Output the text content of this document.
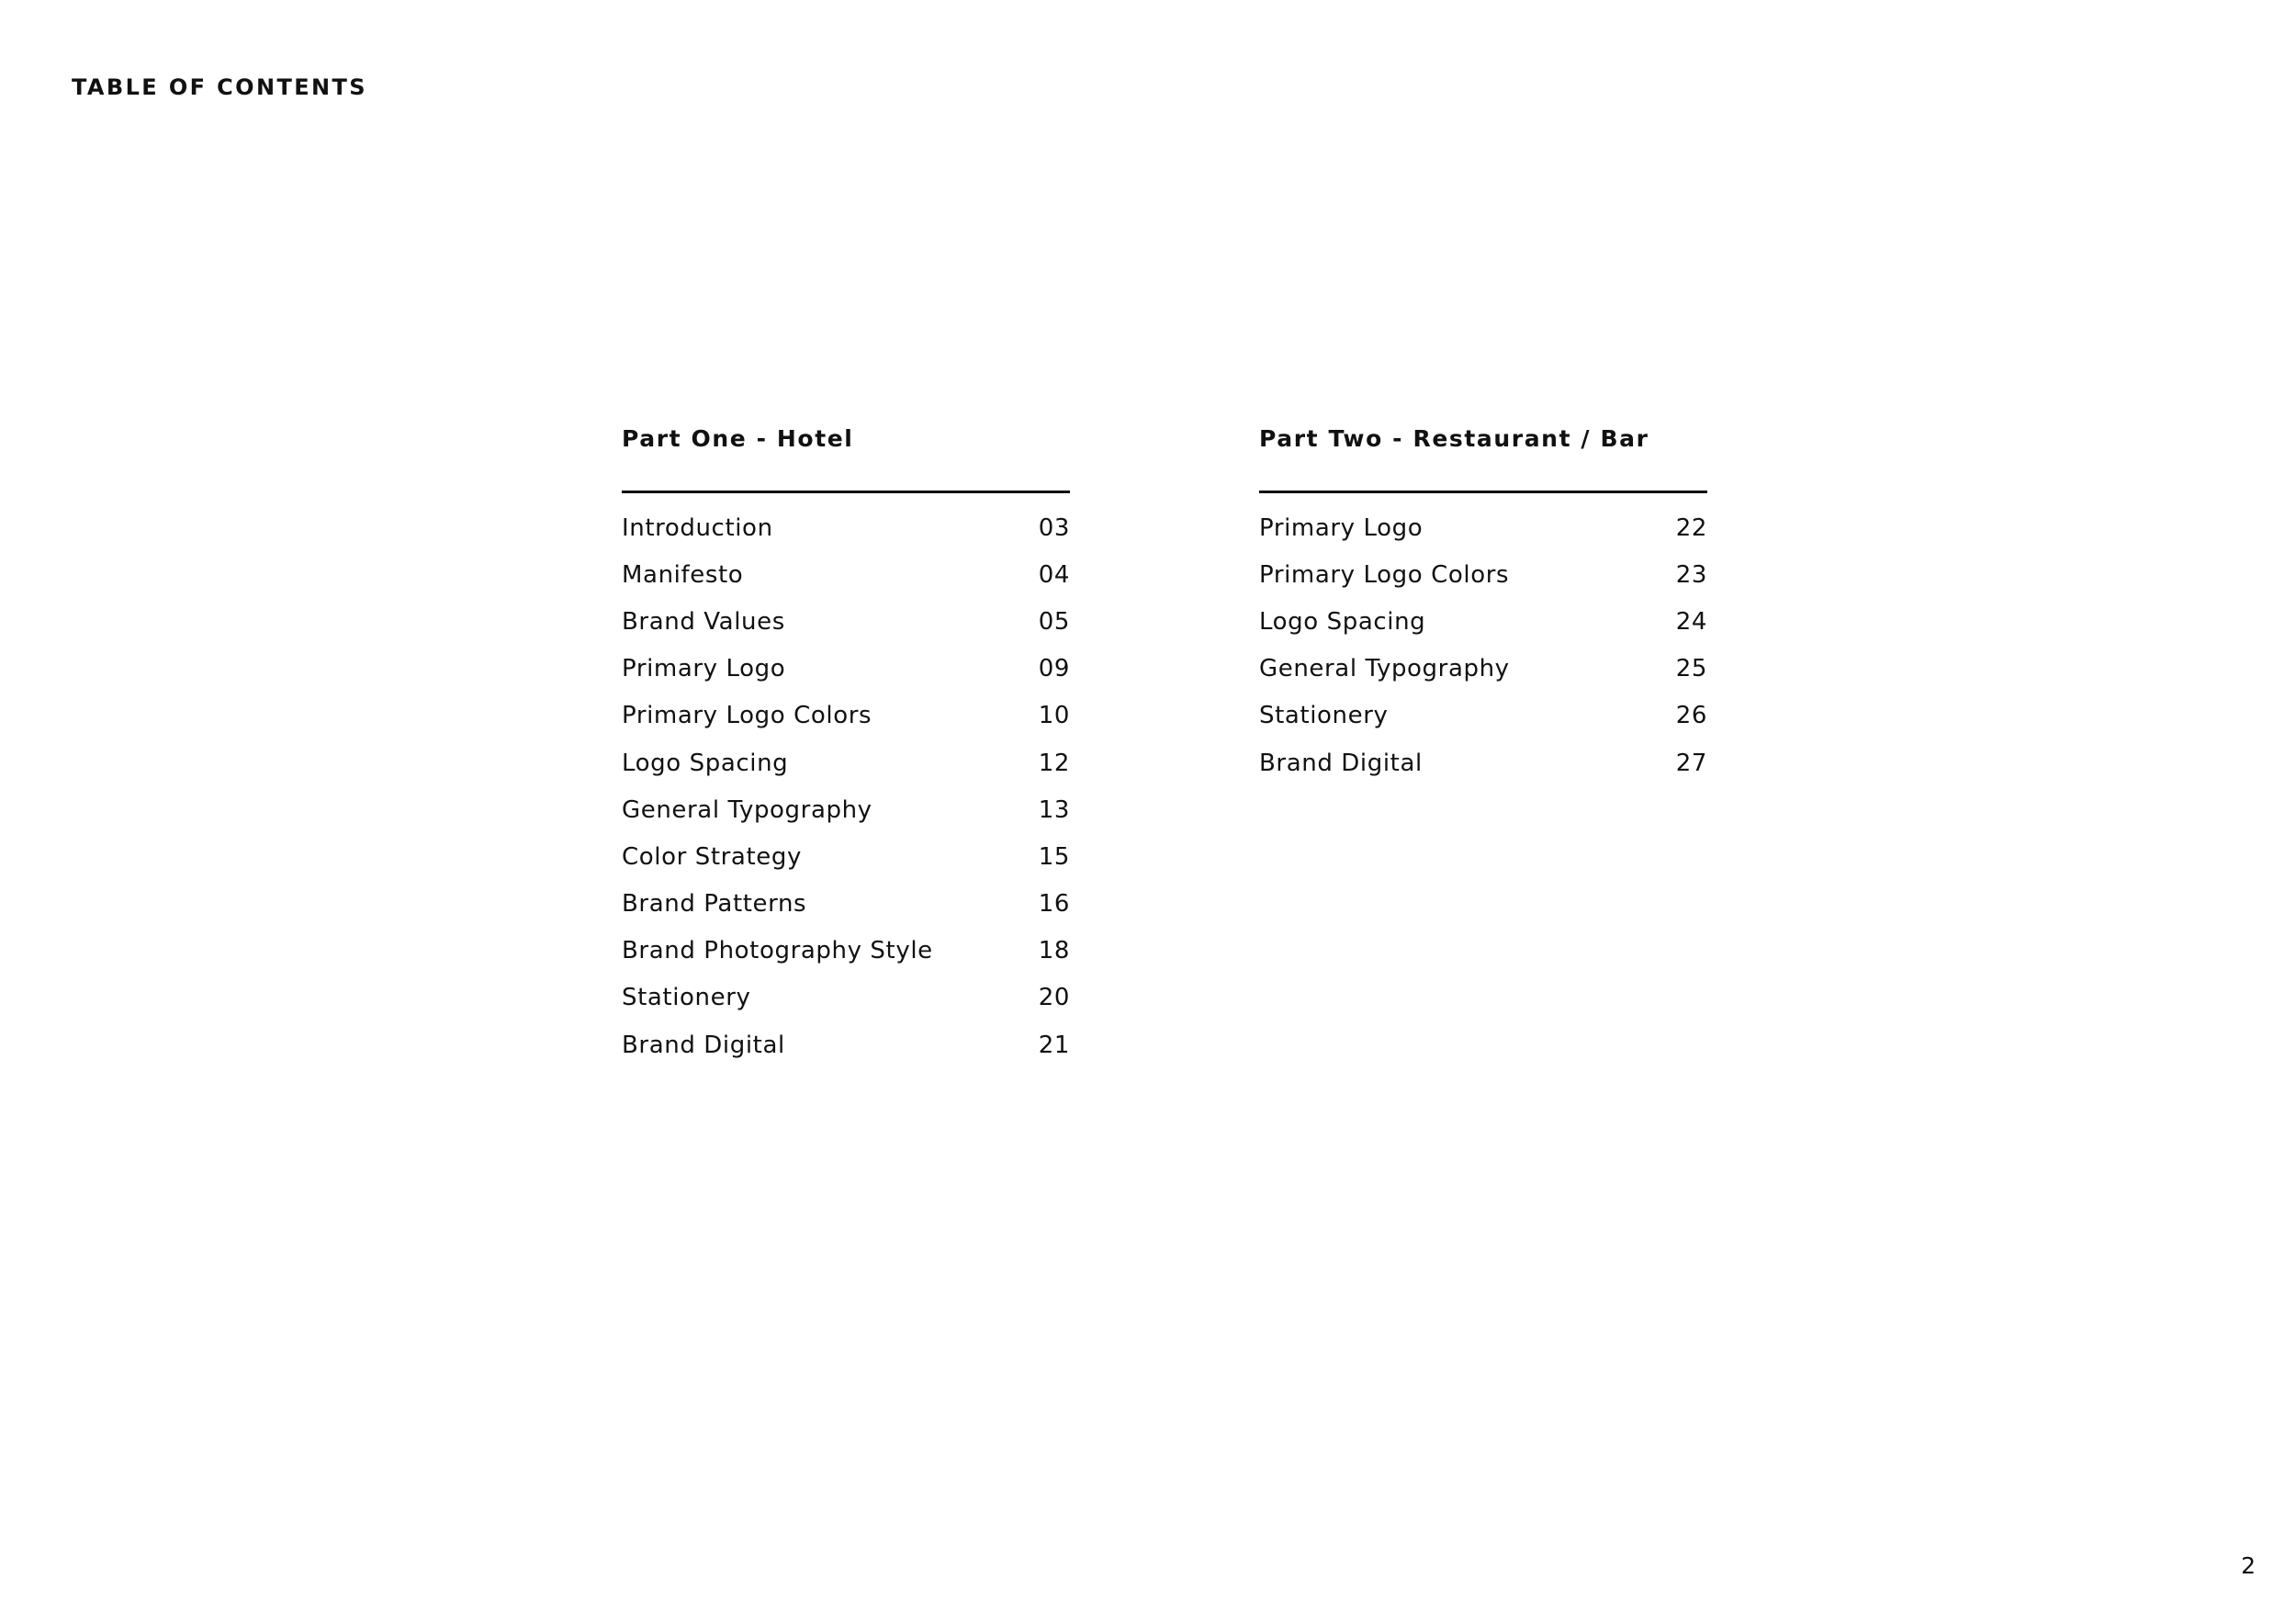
TABLE OF CONTENTS
Part One - Hotel
Introduction	03
Manifesto	04
Brand Values	05
Primary Logo	09
Primary Logo Colors	10
Logo Spacing	12
General Typography	13
Color Strategy	15
Brand Patterns	16
Brand Photography Style	18
Stationery	20
Brand Digital	21
Part Two - Restaurant / Bar
Primary Logo	22
Primary Logo Colors	23
Logo Spacing	24
General Typography	25
Stationery	26
Brand Digital	27
2
